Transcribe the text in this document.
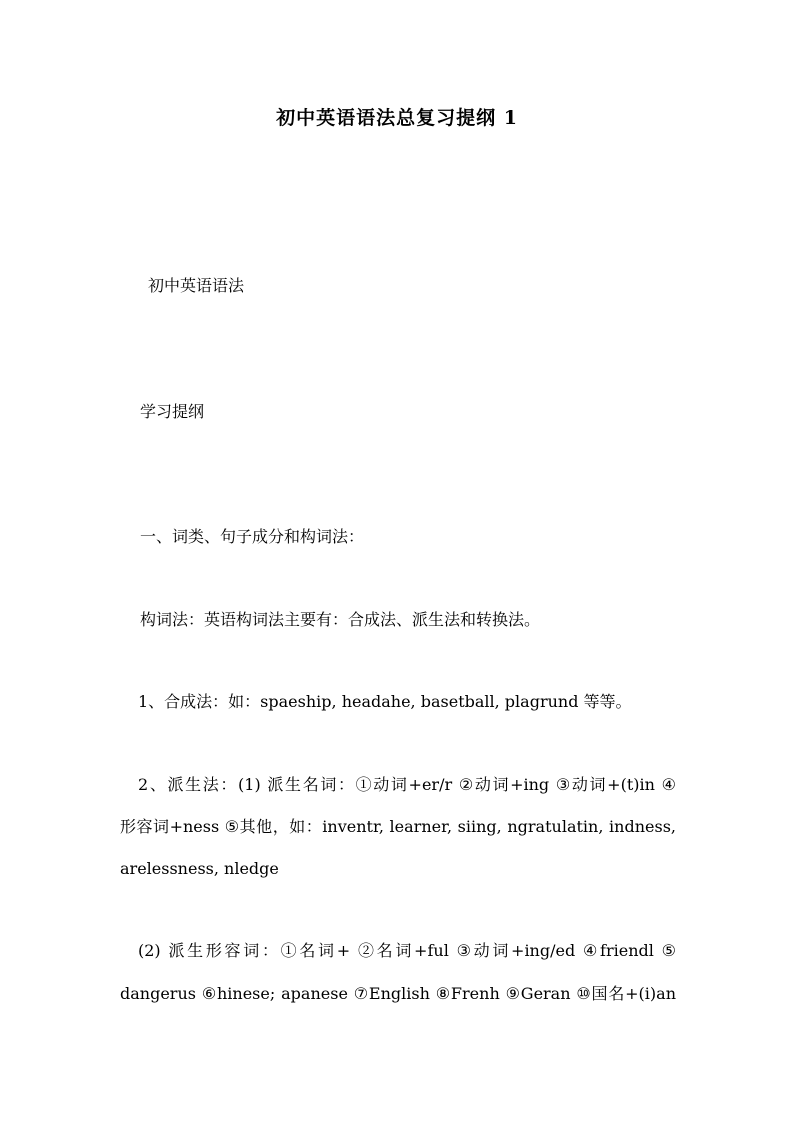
初中英语语法总复习提纲 1
初中英语语法
学习提纲
一、词类、句子成分和构词法：
构词法：英语构词法主要有：合成法、派生法和转换法。
1、合成法：如：spaeship, headahe, basetball, plagrund 等等。
2、派生法：(1) 派生名词：①动词+er/r ②动词+ing ③动词+(t)in ④
形容词+ness ⑤其他，如：inventr, learner, siing, ngratulatin, indness,
arelessness, nledge
(2) 派生形容词：①名词+ ②名词+ful ③动词+ing/ed ④friendl ⑤
dangerus ⑥hinese; apanese ⑦English ⑧Frenh ⑨Geran ⑩国名+(i)an
